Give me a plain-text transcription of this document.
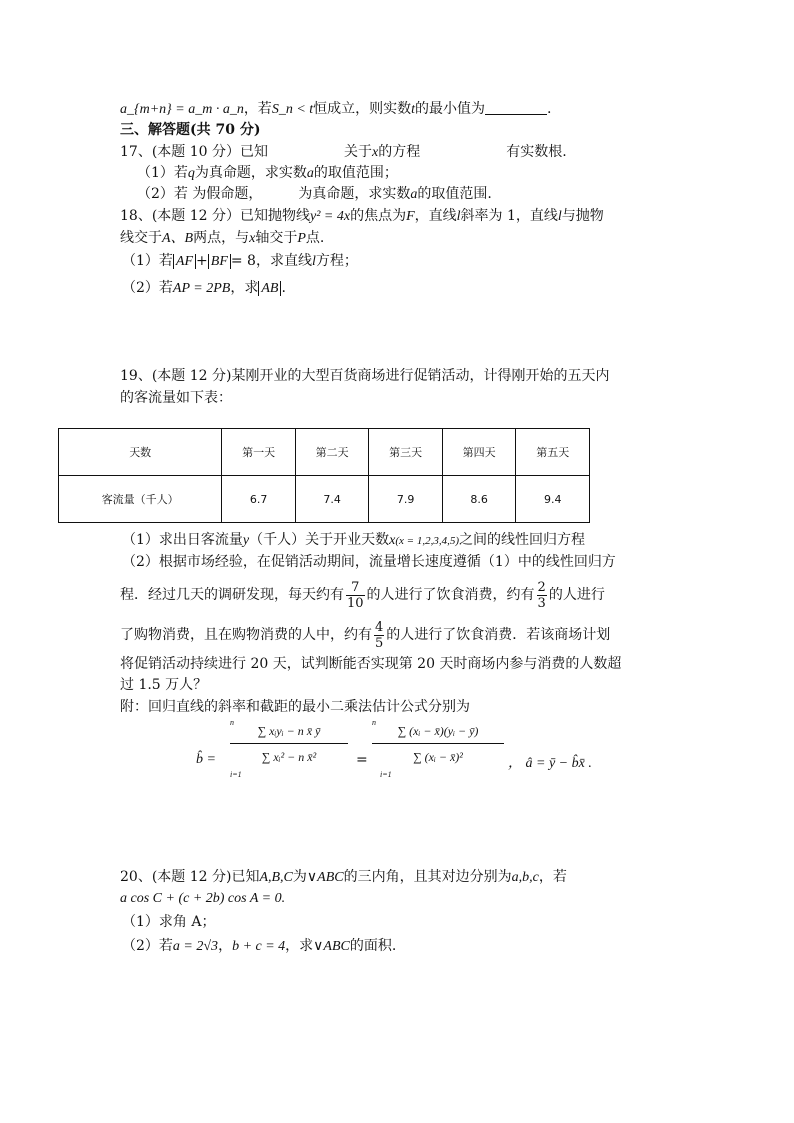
a_{m+n} = a_m · a_n，若S_n < t恒成立，则实数t的最小值为	.
三、解答题(共 70 分)
17、(本题 10 分）已知	关于x的方程	有实数根.
（1）若q为真命题，求实数a的取值范围；
（2）若 为假命题，	为真命题，求实数a的取值范围.
18、(本题 12 分）已知抛物线y² = 4x的焦点为F，直线l斜率为 1，直线l与抛物
线交于A、B两点，与x轴交于P点.
（1）若 AF + BF = 8，求直线l方程；
（2）若AP = 2PB，求 AB .
19、(本题 12 分)某刚开业的大型百货商场进行促销活动，计得刚开始的五天内
的客流量如下表：
天数	第一天	第二天	第三天	第四天	第五天
客流量（千人）	6.7	7.4	7.9	8.6	9.4
（1）求出日客流量y（千人）关于开业天数x(x = 1,2,3,4,5)之间的线性回归方程
（2）根据市场经验，在促销活动期间，流量增长速度遵循（1）中的线性回归方
程．经过几天的调研发现，每天约有 $\frac{7}{10}$ 的人进行了饮食消费，约有 $\frac{2}{3}$ 的人进行
了购物消费，且在购物消费的人中，约有 $\frac{4}{5}$ 的人进行了饮食消费．若该商场计划
将促销活动持续进行 20 天，试判断能否实现第 20 天时商场内参与消费的人数超
过 1.5 万人？
附：回归直线的斜率和截距的最小二乘法估计公式分别为
b̂ =
n
∑ xᵢyᵢ − n x̄ ȳ
∑ xᵢ² − n x̄²
i=1
=
n
∑ (xᵢ − x̄)(yᵢ − ȳ)
∑ (xᵢ − x̄)²
i=1
， â = ȳ − b̂x̄ .
20、(本题 12 分)已知A,B,C为∨ABC的三内角，且其对边分别为a,b,c，若
a cos C + (c + 2b) cos A = 0.
（1）求角 A；
（2）若a = 2√3，b + c = 4，求∨ABC的面积.
